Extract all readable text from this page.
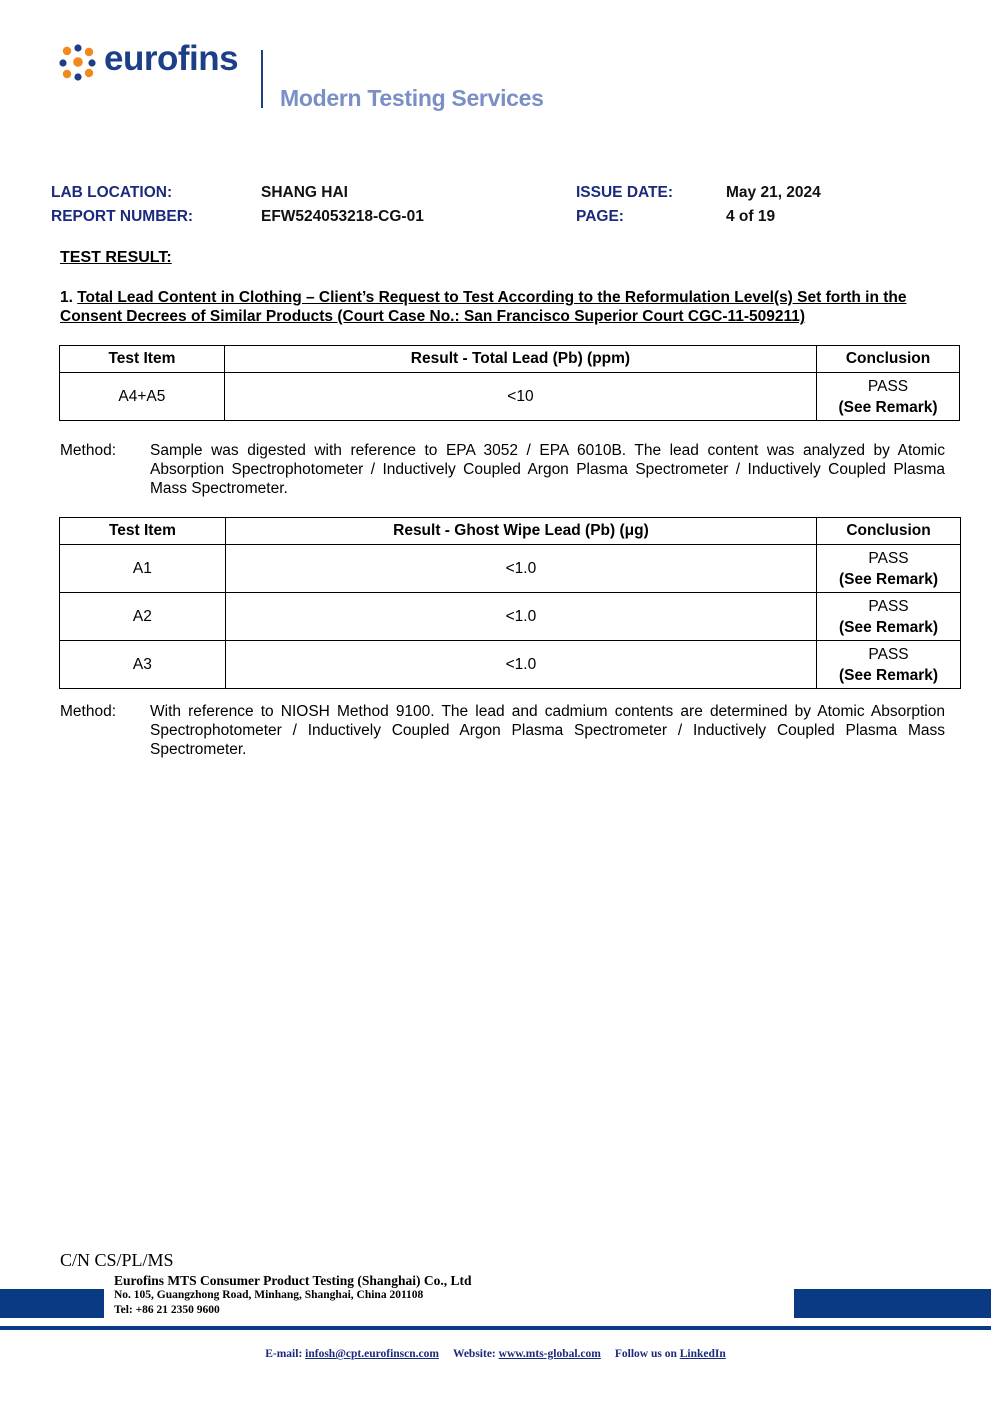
eurofins
Modern Testing Services
LAB LOCATION:	SHANG HAI	ISSUE DATE:	May 21, 2024
REPORT NUMBER:	EFW524053218-CG-01	PAGE:	4 of 19
TEST RESULT:
1. Total Lead Content in Clothing – Client’s Request to Test According to the Reformulation Level(s) Set forth in the Consent Decrees of Similar Products (Court Case No.: San Francisco Superior Court CGC-11-509211)
Test Item	Result - Total Lead (Pb) (ppm)	Conclusion
A4+A5	<10	PASS
(See Remark)
Method: Sample was digested with reference to EPA 3052 / EPA 6010B. The lead content was analyzed by Atomic Absorption Spectrophotometer / Inductively Coupled Argon Plasma Spectrometer / Inductively Coupled Plasma Mass Spectrometer.
Test Item	Result - Ghost Wipe Lead (Pb) (μg)	Conclusion
A1	<1.0	PASS
(See Remark)
A2	<1.0	PASS
(See Remark)
A3	<1.0	PASS
(See Remark)
Method: With reference to NIOSH Method 9100. The lead and cadmium contents are determined by Atomic Absorption Spectrophotometer / Inductively Coupled Argon Plasma Spectrometer / Inductively Coupled Plasma Mass Spectrometer.
C/N CS/PL/MS
Eurofins MTS Consumer Product Testing (Shanghai) Co., Ltd
No. 105, Guangzhong Road, Minhang, Shanghai, China 201108
Tel: +86 21 2350 9600
E-mail: infosh@cpt.eurofinscn.com Website: www.mts-global.com Follow us on LinkedIn
